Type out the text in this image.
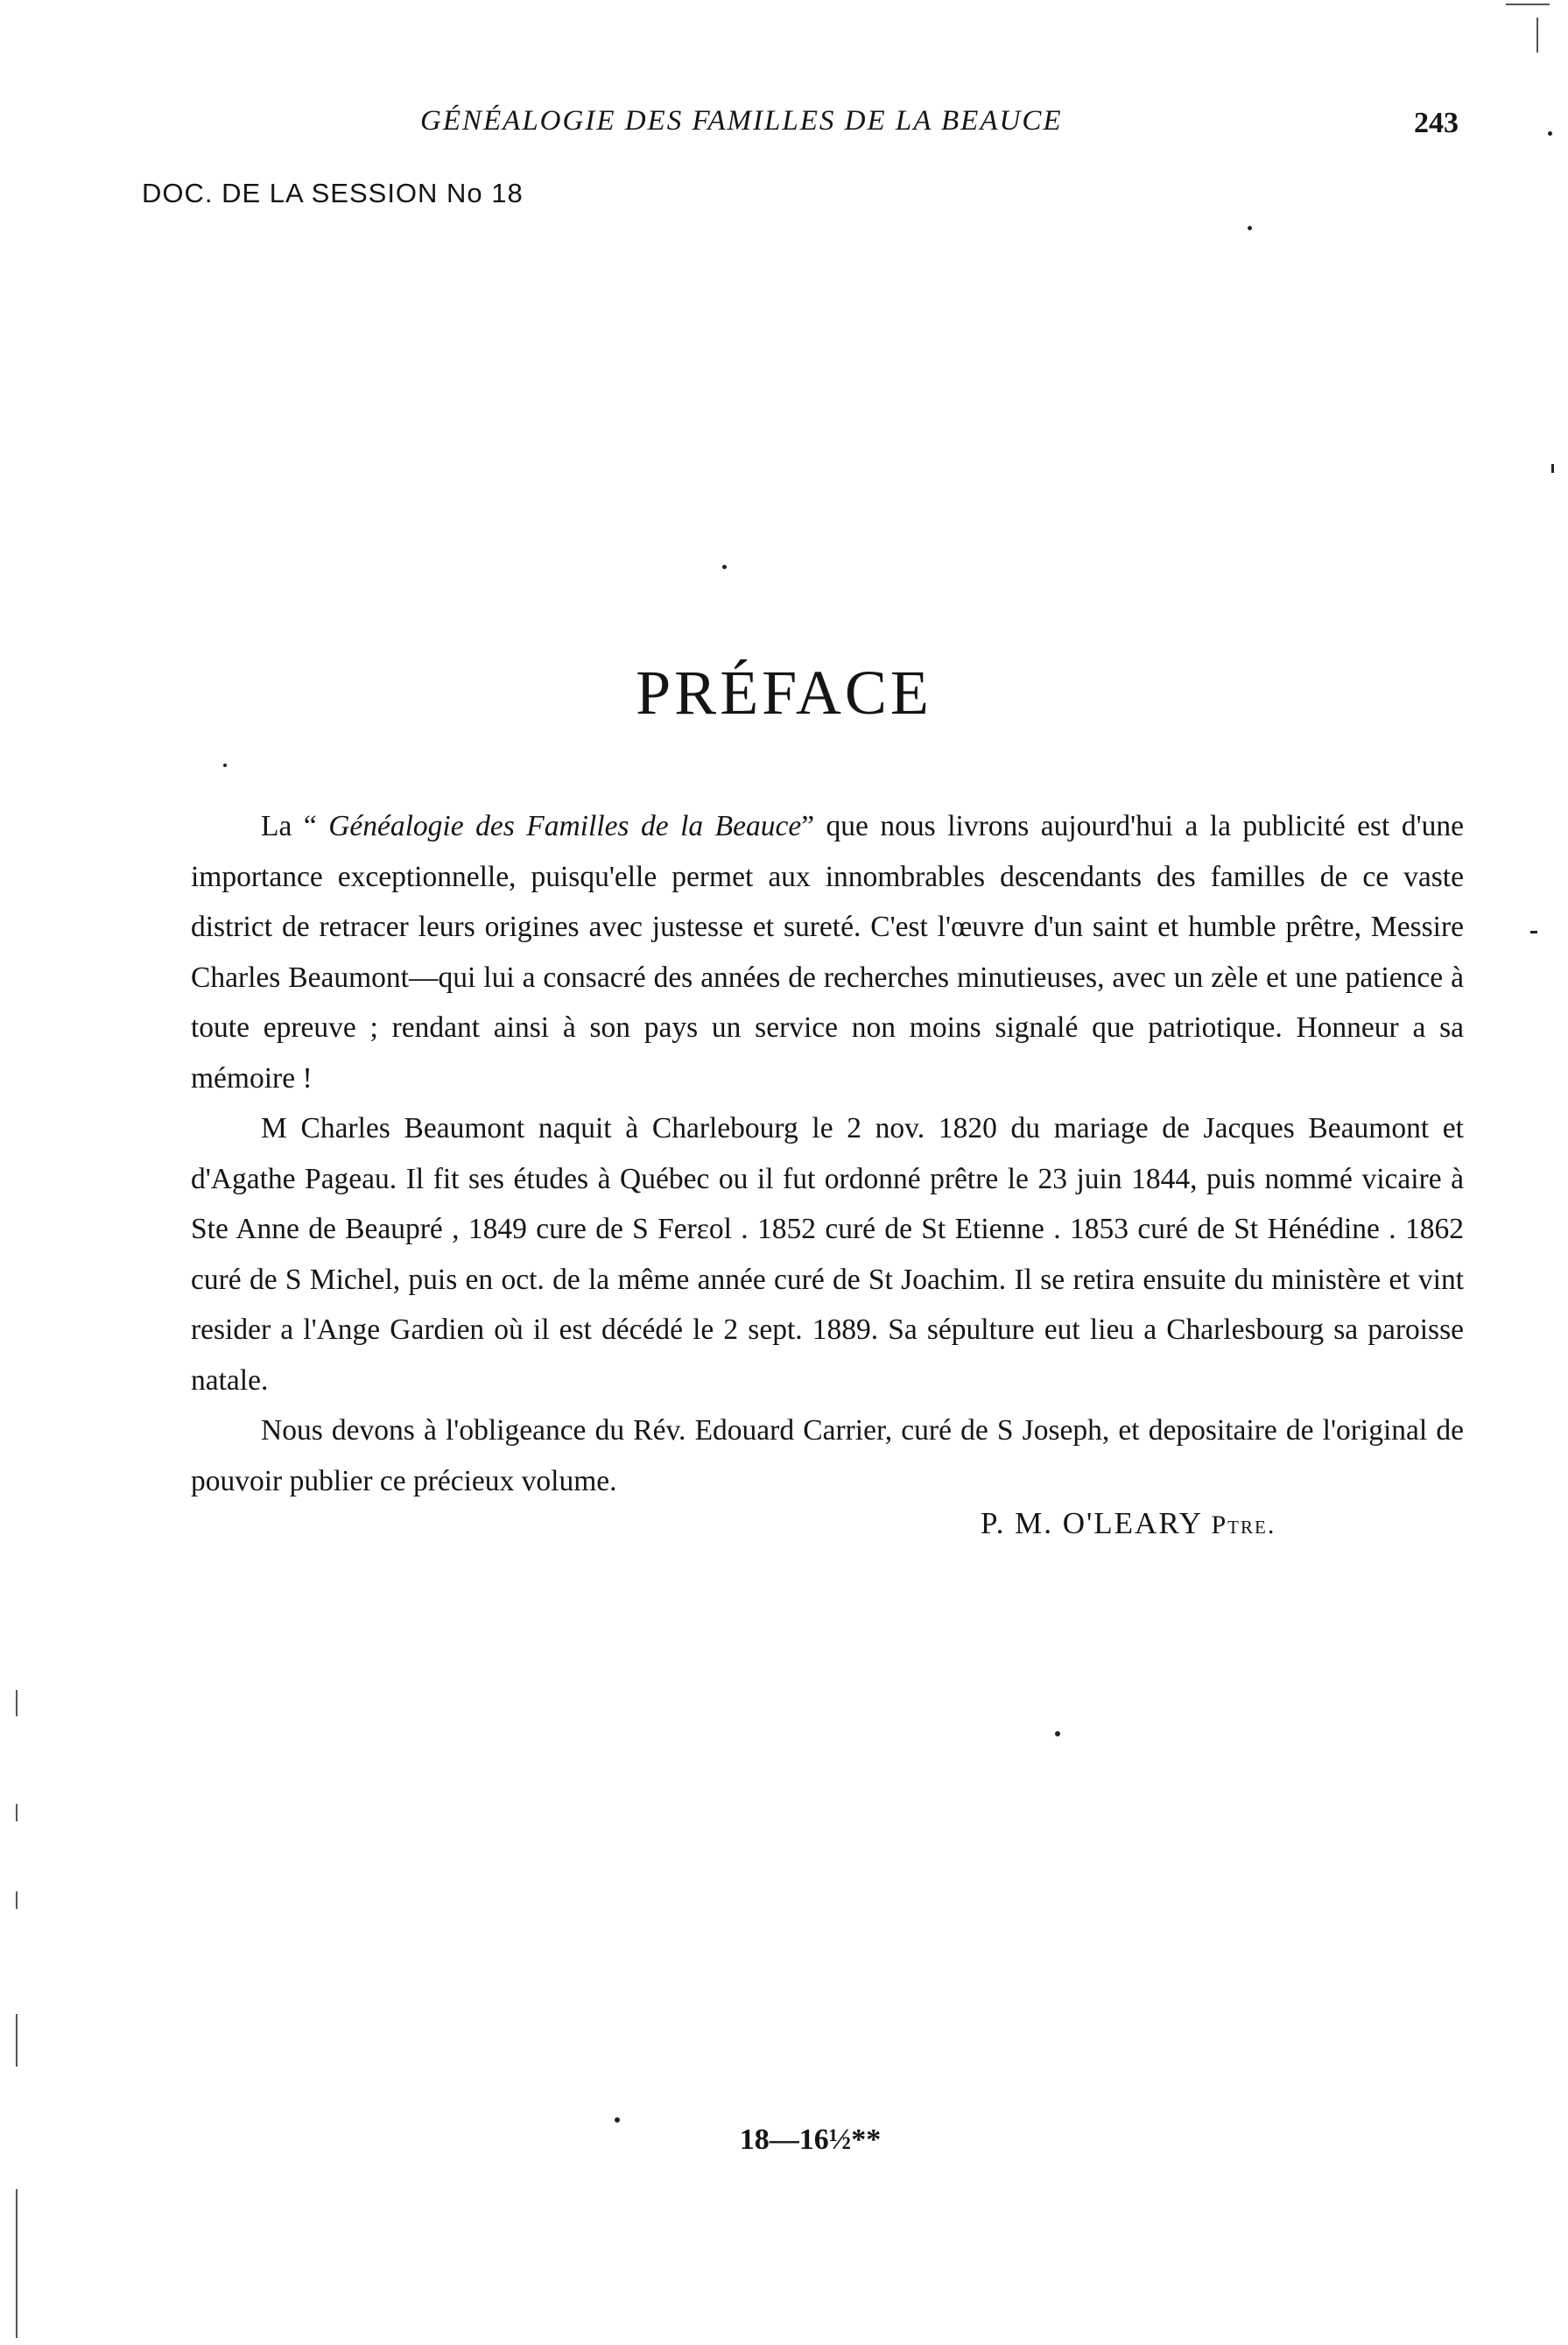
GÉNÉALOGIE DES FAMILLES DE LA BEAUCE	243
DOC. DE LA SESSION No 18
PRÉFACE

La “ Généalogie des Familles de la Beauce” que nous livrons aujourd'hui a la publicité est d'une importance exceptionnelle, puisqu'elle permet aux innombrables descendants des familles de ce vaste district de retracer leurs origines avec justesse et sureté. C'est l'œuvre d'un saint et humble prêtre, Messire Charles Beaumont—qui lui a consacré des années de recherches minutieuses, avec un zèle et une patience à toute epreuve ; rendant ainsi à son pays un service non moins signalé que patriotique. Honneur a sa mémoire !

M Charles Beaumont naquit à Charlebourg le 2 nov. 1820 du mariage de Jacques Beaumont et d'Agathe Pageau. Il fit ses études à Québec ou il fut ordonné prêtre le 23 juin 1844, puis nommé vicaire à Ste Anne de Beaupré , 1849 cure de S Ferεol . 1852 curé de St Etienne . 1853 curé de St Hénédine . 1862 curé de S Michel, puis en oct. de la même année curé de St Joachim. Il se retira ensuite du ministère et vint resider a l'Ange Gardien où il est décédé le 2 sept. 1889. Sa sépulture eut lieu a Charlesbourg sa paroisse natale.

Nous devons à l'obligeance du Rév. Edouard Carrier, curé de S Joseph, et depositaire de l'original de pouvoir publier ce précieux volume.

P. M. O'LEARY Ptre.
18—16½**
